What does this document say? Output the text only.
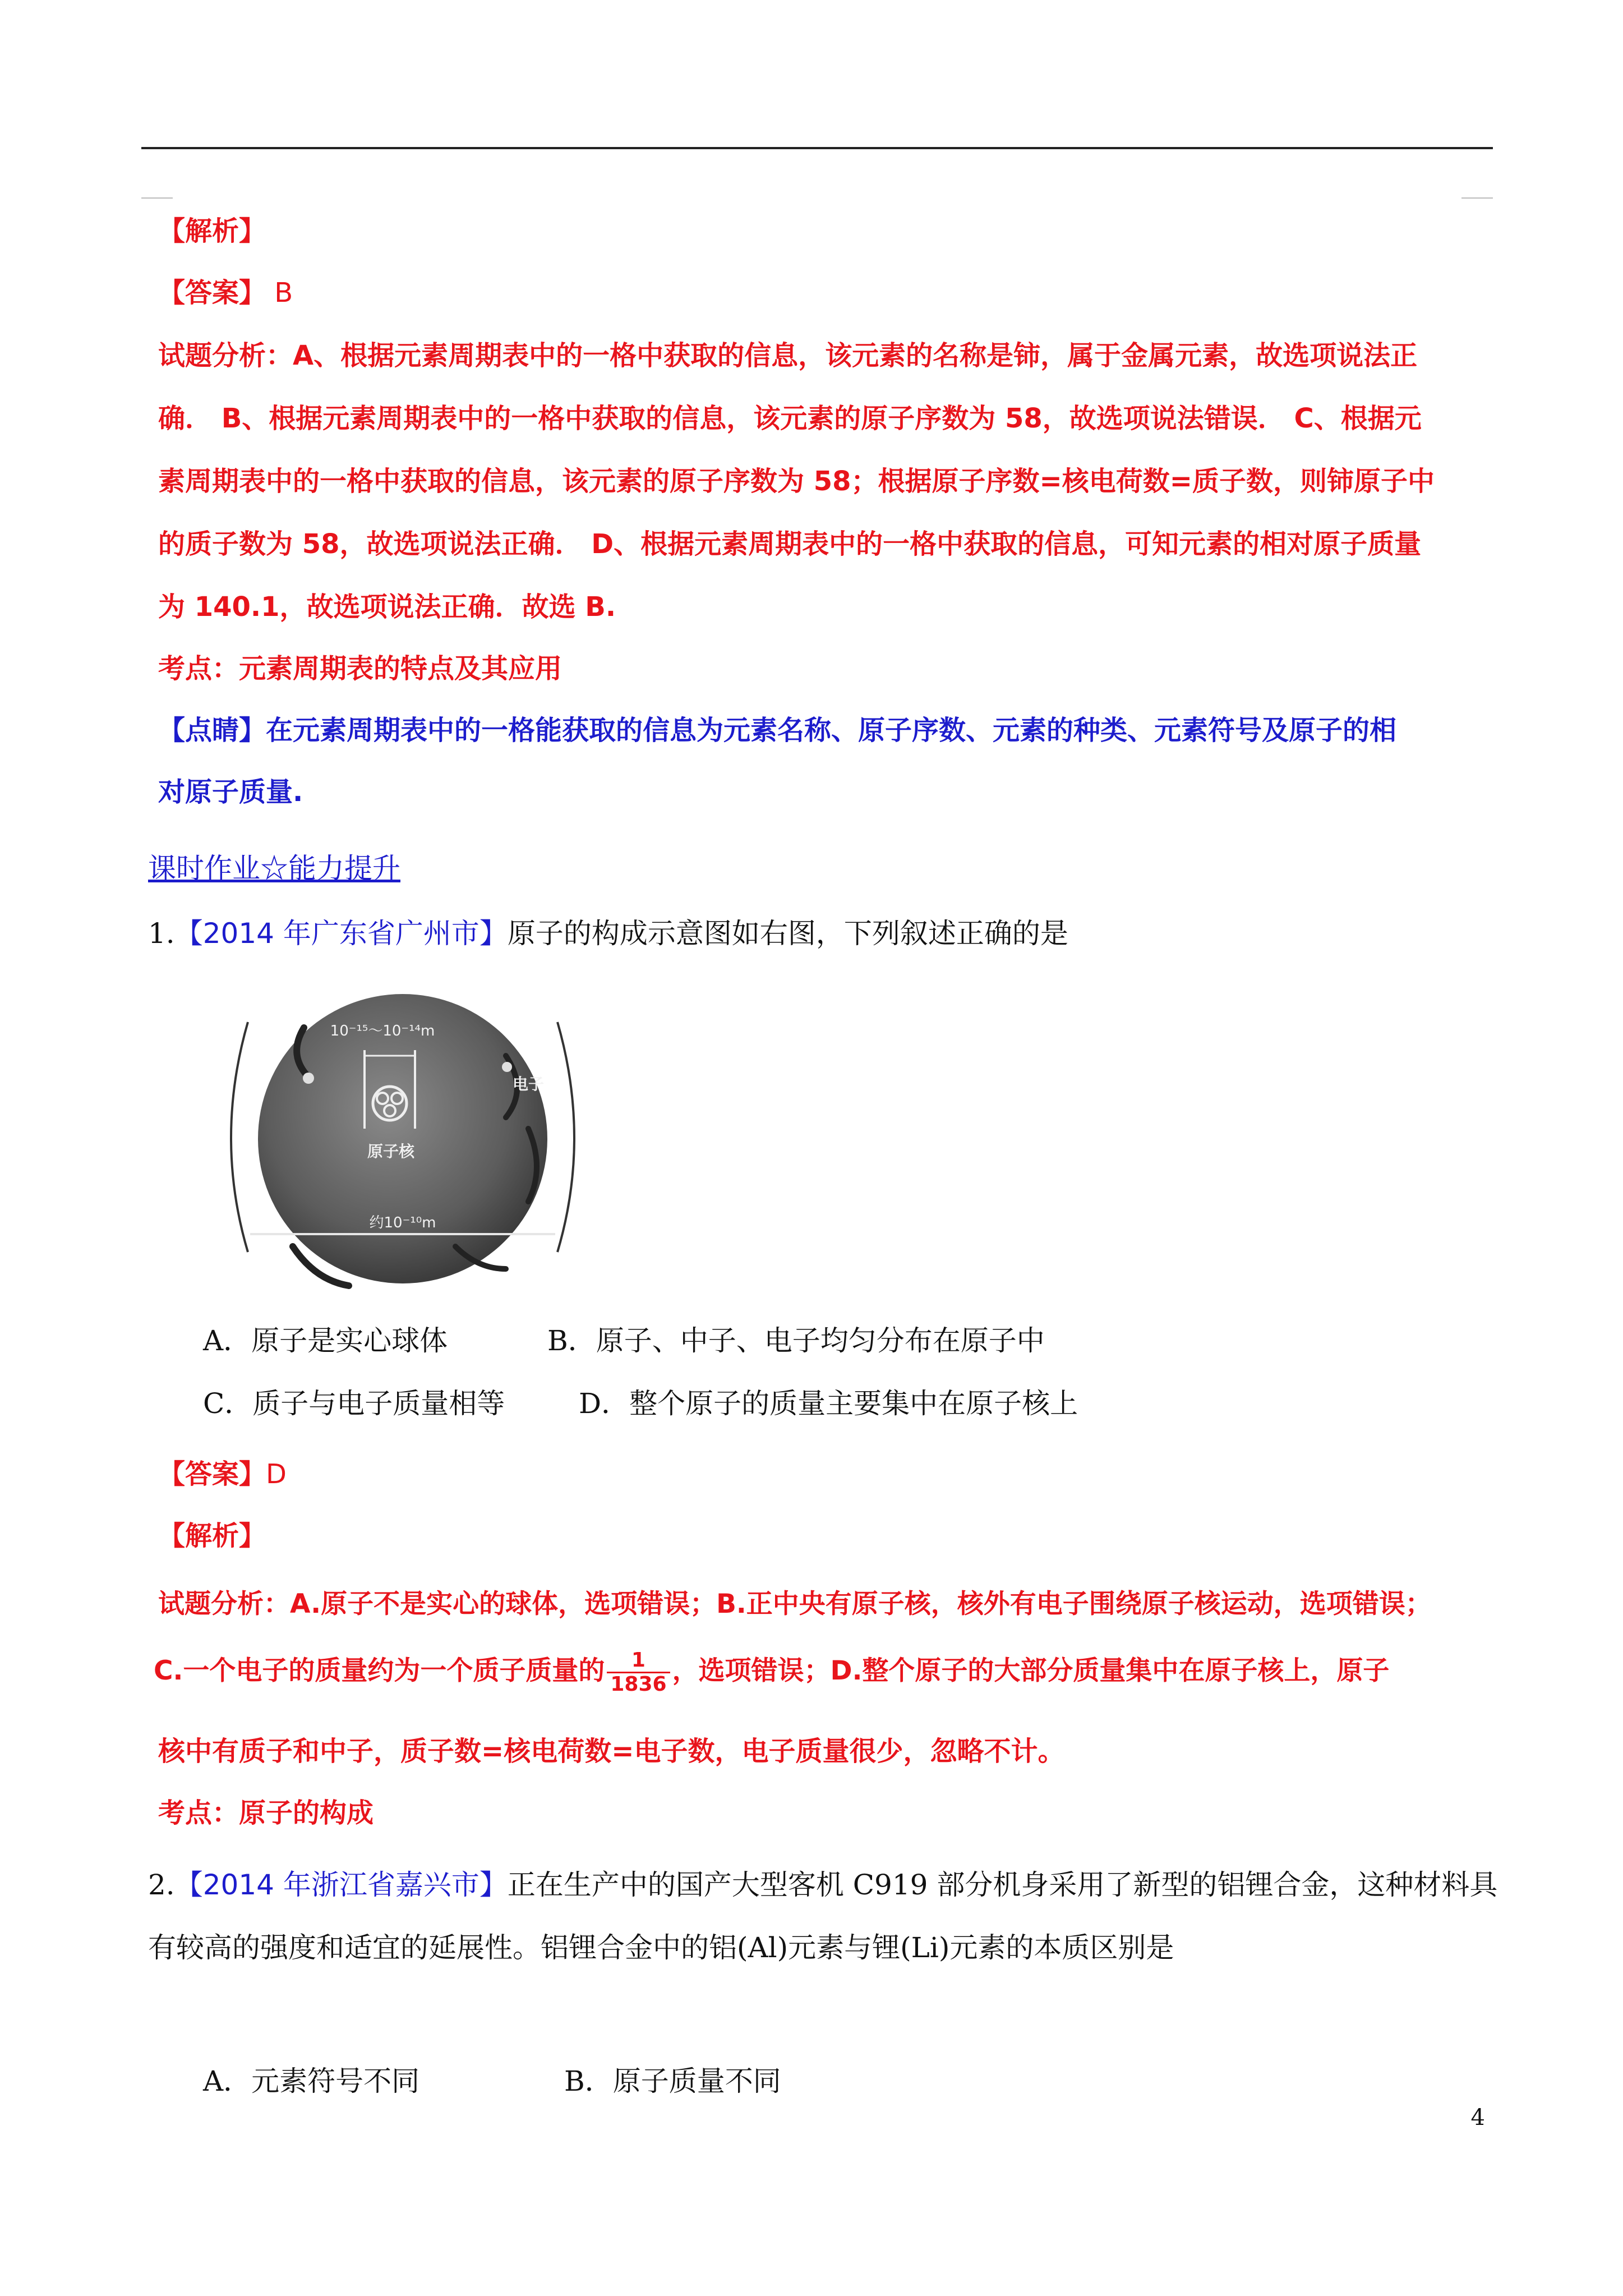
【解析】
【答案】 B
试题分析：A、根据元素周期表中的一格中获取的信息，该元素的名称是铈，属于金属元素，故选项说法正
确． B、根据元素周期表中的一格中获取的信息，该元素的原子序数为 58，故选项说法错误． C、根据元
素周期表中的一格中获取的信息，该元素的原子序数为 58；根据原子序数=核电荷数=质子数，则铈原子中
的质子数为 58，故选项说法正确． D、根据元素周期表中的一格中获取的信息，可知元素的相对原子质量
为 140.1，故选项说法正确．故选 B.
考点：元素周期表的特点及其应用
【点睛】在元素周期表中的一格能获取的信息为元素名称、原子序数、元素的种类、元素符号及原子的相
对原子质量.
课时作业☆能力提升
1.【2014 年广东省广州市】原子的构成示意图如右图，下列叙述正确的是
10⁻¹⁵～10⁻¹⁴m
原子核
电子
约10⁻¹⁰m
A．原子是实心球体	B．原子、中子、电子均匀分布在原子中
C．质子与电子质量相等	D．整个原子的质量主要集中在原子核上
【答案】D
【解析】
试题分析：A.原子不是实心的球体，选项错误；B.正中央有原子核，核外有电子围绕原子核运动，选项错误；
C.一个电子的质量约为一个质子质量的 $\frac{1}{1836}$ ，选项错误；D.整个原子的大部分质量集中在原子核上，原子
核中有质子和中子，质子数=核电荷数=电子数，电子质量很少，忽略不计。
考点：原子的构成
2.【2014 年浙江省嘉兴市】正在生产中的国产大型客机 C919 部分机身采用了新型的铝锂合金，这种材料具
有较高的强度和适宜的延展性。铝锂合金中的铝(Al)元素与锂(Li)元素的本质区别是
A．元素符号不同	B．原子质量不同
4
